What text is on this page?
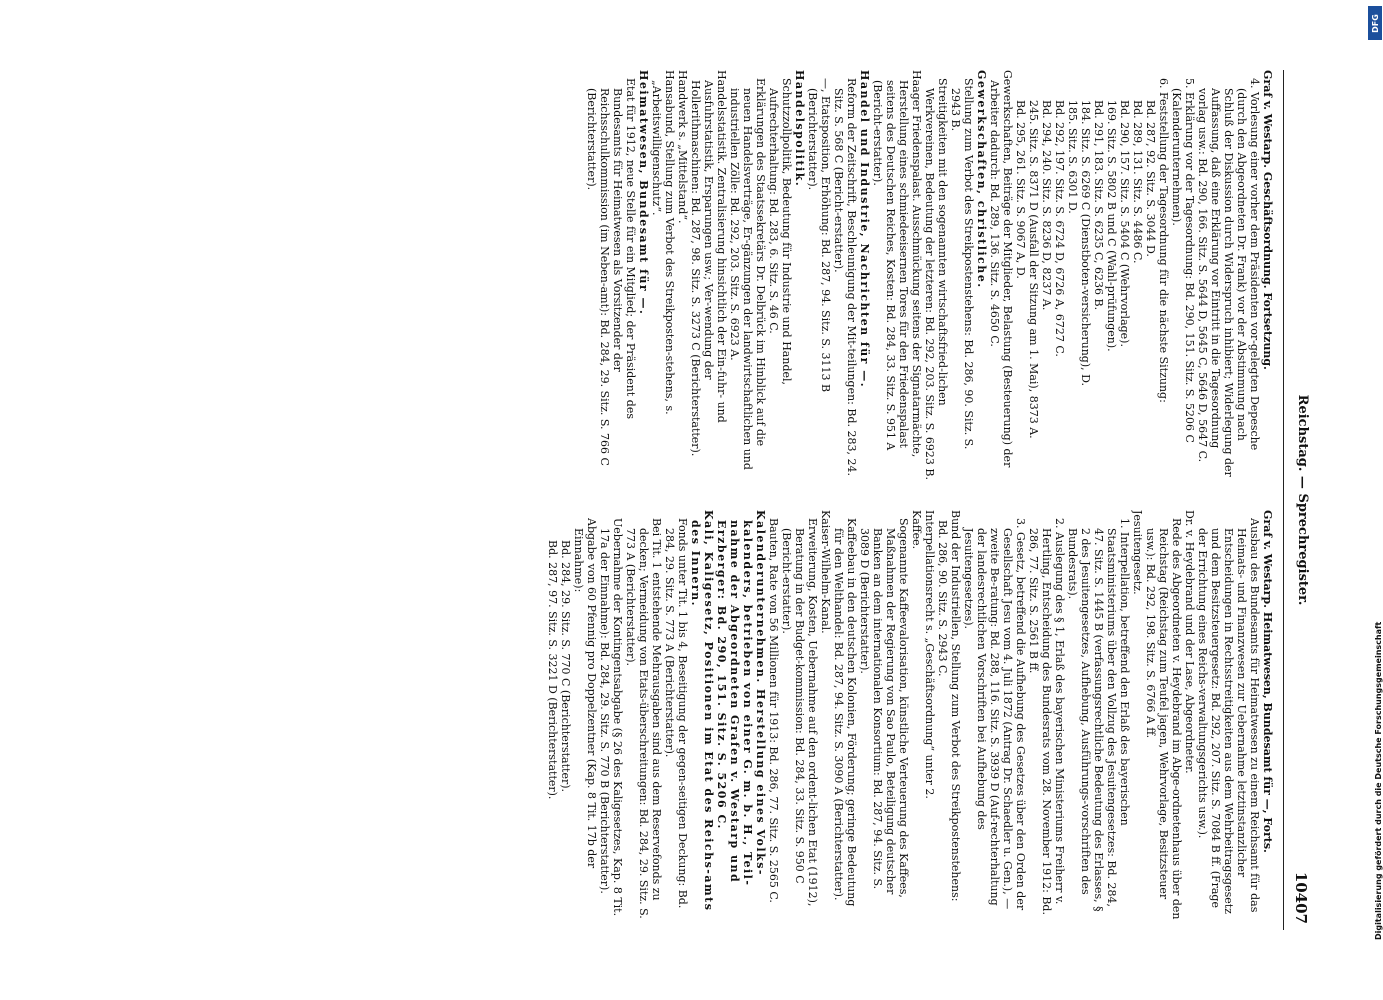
Reichstag. — Sprechregister.
10407
Graf v. Westarp. Geschäftsordnung. Fortsetzung.
4. Vorlesung einer vorher dem Präsidenten vor-gelegten Depesche (durch den Abgeordneten Dr. Frank) vor der Abstimmung nach Schluß der Diskussion durch Widerspruch inhibiert; Widerlegung der Auffassung, daß eine Erklärung vor Eintritt in die Tagesordnung vorlag usw.: Bd. 290, 166. Sitz. S. 5644 D, 5645 C, 5646 D, 5647 C.
5. Erklärung vor der Tagesordnung: Bd. 290, 151. Sitz. S. 5206 C (Kalenderunternehmen).
6. Feststellung der Tagesordnung für die nächste Sitzung:
Bd. 287, 92. Sitz. S. 3044 D.
Bd. 289, 131. Sitz. S. 4486 C.
Bd. 290, 157. Sitz. S. 5404 C (Wehrvorlage).
169. Sitz. S. 5802 B und C (Wahl-prüfungen).
Bd. 291, 183. Sitz. S. 6235 C, 6236 B.
184. Sitz. S. 6269 C (Dienstboten-versicherung), D.
185. Sitz. S. 6301 D.
Bd. 292, 197. Sitz. S. 6724 D, 6726 A, 6727 C.
Bd. 294, 240. Sitz. S. 8236 D, 8237 A.
245. Sitz. S. 8371 D (Ausfall der Sitzung am 1. Mai), 8373 A.
Bd. 295, 261. Sitz. S. 9067 A, D.
Gewerkschaften, Beiträge der Mitglieder, Belastung (Besteuerung) der Arbeiter dadurch: Bd. 289, 136. Sitz. S. 4650 C.
Gewerkschaften, christliche.
Stellung zum Verbot des Streikpostenstehens: Bd. 286, 90. Sitz. S. 2943 B.
Streitigkeiten mit den sogenannten wirtschaftsfried-lichen Werkvereinen, Bedeutung der letzteren: Bd. 292, 203. Sitz. S. 6923 B.
Haager Friedenspalast. Ausschmückung seitens der Signatarmächte, Herstellung eines schmiedeeisernen Tores für den Friedenspalast seitens des Deutschen Reiches, Kosten: Bd. 284, 33. Sitz. S. 951 A (Bericht-erstatter).
Handel und Industrie, Nachrichten für —.
Reform der Zeitschrift, Beschleunigung der Mit-teilungen: Bd. 283, 24. Sitz. S. 568 C (Bericht-erstatter).
—, Etatsposition, Erhöhung: Bd. 287, 94. Sitz. S. 3113 B (Berichterstatter).
Handelspolitik.
Schutzzollpolitik, Bedeutung für Industrie und Handel, Aufrechterhaltung: Bd. 283, 6. Sitz. S. 46 C.
Erklärungen des Staatssekretärs Dr. Delbrück im Hinblick auf die neuen Handelsverträge, Er-gänzungen der landwirtschaftlichen und industriellen Zölle: Bd. 292, 203. Sitz. S. 6923 A.
Handelsstatistik. Zentralisierung hinsichtlich der Ein-fuhr- und Ausfuhrstatistik, Ersparungen usw.; Ver-wendung der Hollerithmaschinen: Bd. 287, 98. Sitz. S. 3273 C (Berichterstatter).
Handwerk s. „Mittelstand“.
Hansabund, Stellung zum Verbot des Streikposten-stehens, s. „Arbeitswilligenschutz“.
Heimatwesen, Bundesamt für —.
Etat für 1912, neue Stelle für ein Mitglied; der Präsident des Bundesamts für Heimatwesen als Vorsitzender der Reichsschulkommission (im Neben-amt): Bd. 284, 29. Sitz. S. 766 C (Berichterstatter).
Graf v. Westarp. Heimatwesen, Bundesamt für —, Forts.
Ausbau des Bundesamts für Heimatwesen zu einem Reichsamt für das Heimats- und Finanzwesen zur Uebernahme letztinstanzlicher Entscheidungen in Rechtsstreitigkeiten aus dem Wehrbeitragsgesetz und dem Besitzsteuergesetz: Bd. 292, 207. Sitz. S. 7084 B ff. (Frage der Errichtung eines Reichs-verwaltungsgerichts usw.).
Dr. v. Heydebrand und der Lase, Abgeordneter.
Rede des Abgeordneten v. Heydebrand im Abge-ordnetenhaus über den Reichstag (Reichstag zum Teufel jagen, Wehrvorlage, Besitzsteuer usw.): Bd. 292, 198. Sitz. S. 6766 A ff.
Jesuitengesetz.
1. Interpellation, betreffend den Erlaß des bayerischen Staatsministeriums über den Vollzug des Jesuitengesetzes: Bd. 284, 47. Sitz. S. 1445 B (verfassungsrechtliche Bedeutung des Erlasses, § 2 des Jesuitengesetzes, Aufhebung, Ausführungs-vorschriften des Bundesrats).
2. Auslegung des § 1, Erlaß des bayerischen Ministeriums Freiherr v. Hertling, Entscheidung des Bundesrats vom 28. November 1912: Bd. 286, 77. Sitz. S. 2561 B ff.
3. Gesetz, betreffend die Aufhebung des Gesetzes über den Orden der Gesellschaft Jesu vom 4. Juli 1872 (Antrag Dr. Schaedler u. Gen.), — zweite Be-ratung: Bd. 288, 116. Sitz. S. 3939 D (Auf-rechterhaltung der landesrechtlichen Vorschriften bei Aufhebung des Jesuitengesetzes).
Bund der Industriellen, Stellung zum Verbot des Streikpostenstehens: Bd. 286, 90. Sitz. S. 2943 C.
Interpellationsrecht s. „Geschäftsordnung“ unter 2.
Kaffee.
Sogenannte Kaffeevalorisation, künstliche Verteuerung des Kaffees, Maßnahmen der Regierung von Sao Paulo, Beteiligung deutscher Banken an dem internationalen Konsortium: Bd. 287, 94. Sitz. S. 3089 D (Berichterstatter).
Kaffeebau in den deutschen Kolonien, Förderung; geringe Bedeutung für den Welthandel: Bd. 287, 94. Sitz. S. 3090 A (Berichterstatter).
Kaiser-Wilhelm-Kanal.
Erweiterung, Kosten, Uebernahme auf den ordent-lichen Etat (1912), Beratung in der Budget-kommission: Bd. 284, 33. Sitz. S. 950 C (Bericht-erstatter).
Bauten, Rate von 56 Millionen für 1913: Bd. 286, 77. Sitz. S. 2565 C.
Kalenderunternehmen. Herstellung eines Volks-kalenders, betrieben von einer G. m. b. H., Teil-nahme der Abgeordneten Grafen v. Westarp und Erzberger: Bd. 290, 151. Sitz. S. 5206 C.
Kali, Kaligesetz, Positionen im Etat des Reichs-amts des Innern.
Fonds unter Tit. 1 bis 4, Beseitigung der gegen-seitigen Deckung: Bd. 284, 29. Sitz. S. 773 A (Berichterstatter).
Bei Tit. 1 entstehende Mehrausgaben sind aus dem Reservefonds zu decken; Vermeidung von Etats-überschreitungen: Bd. 284, 29. Sitz. S. 773 A (Berichterstatter).
Uebernahme der Kontingentsabgabe (§ 26 des Kaligesetzes, Kap. 8 Tit. 17a der Einnahme): Bd. 284, 29. Sitz. S. 770 B (Berichterstatter).
Abgabe von 60 Pfennig pro Doppelzentner (Kap. 8 Tit. 17b der Einnahme):
Bd. 284, 29. Sitz. S. 770 C (Berichterstatter).
Bd. 287, 97. Sitz. S. 3221 D (Berichterstatter).
DFG
Digitalisierung gefördert durch die Deutsche Forschungsgemeinschaft
